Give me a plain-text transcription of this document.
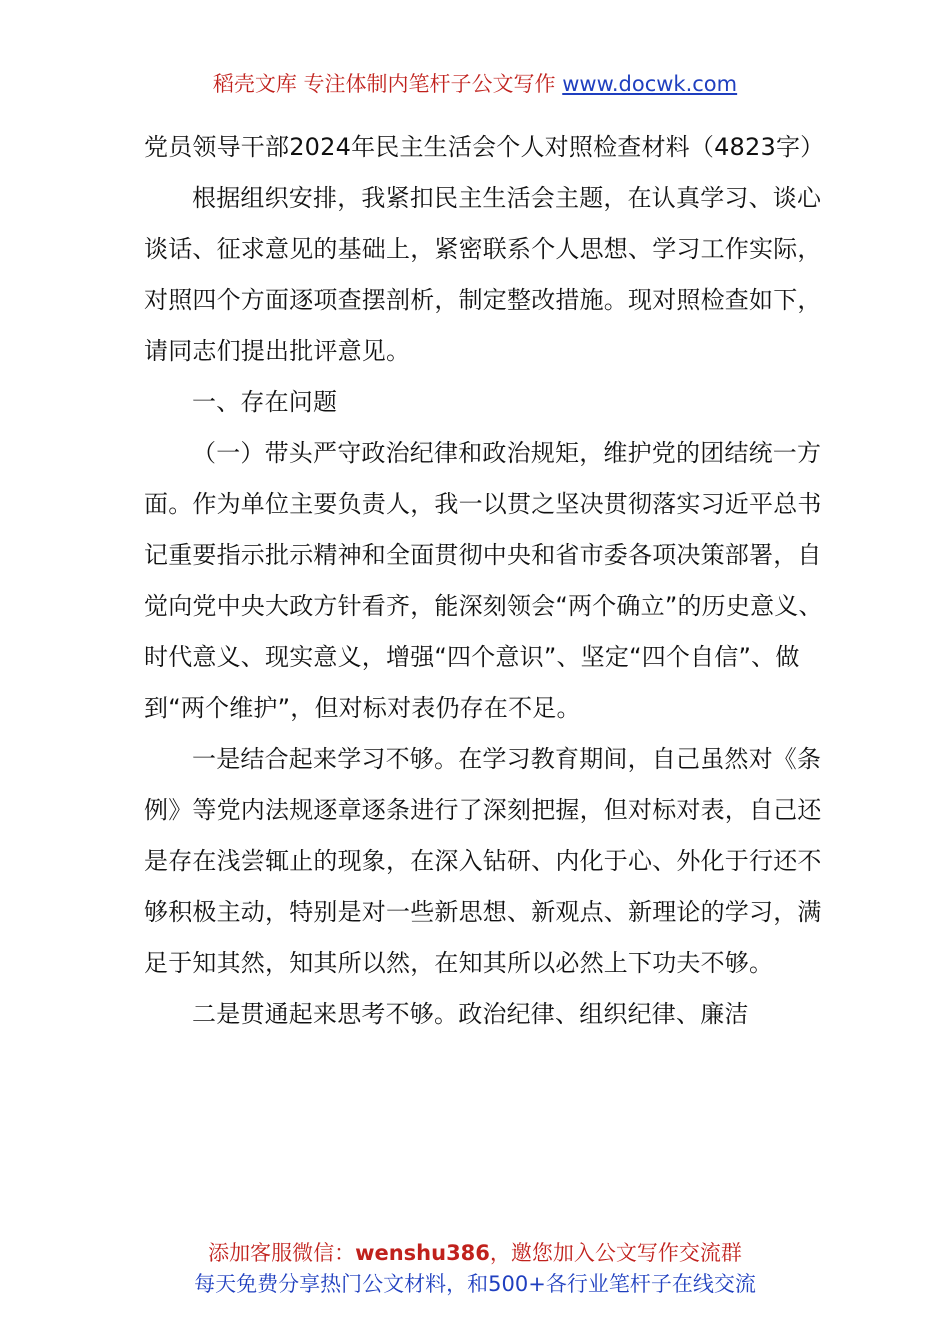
稻壳文库 专注体制内笔杆子公文写作 www.docwk.com

党员领导干部2024年民主生活会个人对照检查材料（4823字）

根据组织安排，我紧扣民主生活会主题，在认真学习、谈心谈话、征求意见的基础上，紧密联系个人思想、学习工作实际，对照四个方面逐项查摆剖析，制定整改措施。现对照检查如下，请同志们提出批评意见。

一、存在问题

（一）带头严守政治纪律和政治规矩，维护党的团结统一方面。作为单位主要负责人，我一以贯之坚决贯彻落实习近平总书记重要指示批示精神和全面贯彻中央和省市委各项决策部署，自觉向党中央大政方针看齐，能深刻领会“两个确立”的历史意义、时代意义、现实意义，增强“四个意识”、坚定“四个自信”、做到“两个维护”，但对标对表仍存在不足。

一是结合起来学习不够。在学习教育期间，自己虽然对《条例》等党内法规逐章逐条进行了深刻把握，但对标对表，自己还是存在浅尝辄止的现象，在深入钻研、内化于心、外化于行还不够积极主动，特别是对一些新思想、新观点、新理论的学习，满足于知其然，知其所以然，在知其所以必然上下功夫不够。

二是贯通起来思考不够。政治纪律、组织纪律、廉洁

添加客服微信：wenshu386，邀您加入公文写作交流群
每天免费分享热门公文材料，和500+各行业笔杆子在线交流
